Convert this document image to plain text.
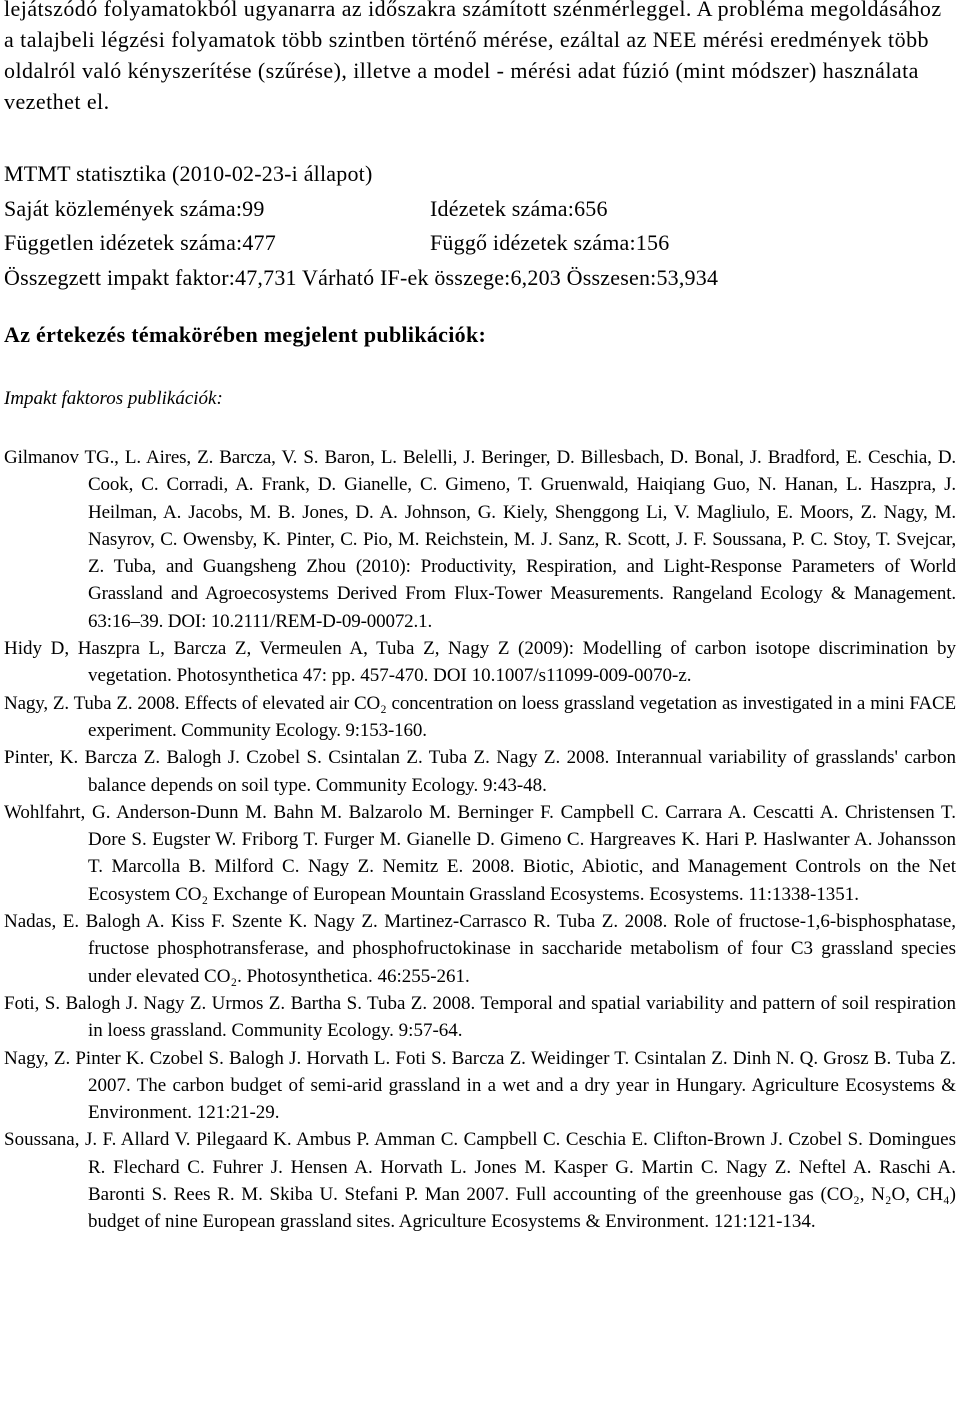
lejátszódó folyamatokból ugyanarra az időszakra számított szénmérleggel. A probléma megoldásához a talajbeli légzési folyamatok több szintben történő mérése, ezáltal az NEE mérési eredmények több oldalról való kényszerítése (szűrése), illetve a model - mérési adat fúzió (mint módszer) használata vezethet el.

MTMT statisztika (2010-02-23-i állapot)
Saját közlemények száma:99	Idézetek száma:656
Független idézetek száma:477	Függő idézetek száma:156
Összegzett impakt faktor:47,731 Várható IF-ek összege:6,203 Összesen:53,934
Az értekezés témakörében megjelent publikációk:
Impakt faktoros publikációk:

Gilmanov TG., L. Aires, Z. Barcza, V. S. Baron, L. Belelli, J. Beringer, D. Billesbach, D. Bonal, J. Bradford, E. Ceschia, D. Cook, C. Corradi, A. Frank, D. Gianelle, C. Gimeno, T. Gruenwald, Haiqiang Guo, N. Hanan, L. Haszpra, J. Heilman, A. Jacobs, M. B. Jones, D. A. Johnson, G. Kiely, Shenggong Li, V. Magliulo, E. Moors, Z. Nagy, M. Nasyrov, C. Owensby, K. Pinter, C. Pio, M. Reichstein, M. J. Sanz, R. Scott, J. F. Soussana, P. C. Stoy, T. Svejcar, Z. Tuba, and Guangsheng Zhou (2010): Productivity, Respiration, and Light-Response Parameters of World Grassland and Agroecosystems Derived From Flux-Tower Measurements. Rangeland Ecology & Management. 63:16–39. DOI: 10.2111/REM-D-09-00072.1.

Hidy D, Haszpra L, Barcza Z, Vermeulen A, Tuba Z, Nagy Z (2009): Modelling of carbon isotope discrimination by vegetation. Photosynthetica 47: pp. 457-470. DOI 10.1007/s11099-009-0070-z.

Nagy, Z. Tuba Z. 2008. Effects of elevated air CO₂ concentration on loess grassland vegetation as investigated in a mini FACE experiment. Community Ecology. 9:153-160.

Pinter, K. Barcza Z. Balogh J. Czobel S. Csintalan Z. Tuba Z. Nagy Z. 2008. Interannual variability of grasslands' carbon balance depends on soil type. Community Ecology. 9:43-48.

Wohlfahrt, G. Anderson-Dunn M. Bahn M. Balzarolo M. Berninger F. Campbell C. Carrara A. Cescatti A. Christensen T. Dore S. Eugster W. Friborg T. Furger M. Gianelle D. Gimeno C. Hargreaves K. Hari P. Haslwanter A. Johansson T. Marcolla B. Milford C. Nagy Z. Nemitz E. 2008. Biotic, Abiotic, and Management Controls on the Net Ecosystem CO₂ Exchange of European Mountain Grassland Ecosystems. Ecosystems. 11:1338-1351.

Nadas, E. Balogh A. Kiss F. Szente K. Nagy Z. Martinez-Carrasco R. Tuba Z. 2008. Role of fructose-1,6-bisphosphatase, fructose phosphotransferase, and phosphofructokinase in saccharide metabolism of four C3 grassland species under elevated CO₂. Photosynthetica. 46:255-261.

Foti, S. Balogh J. Nagy Z. Urmos Z. Bartha S. Tuba Z. 2008. Temporal and spatial variability and pattern of soil respiration in loess grassland. Community Ecology. 9:57-64.

Nagy, Z. Pinter K. Czobel S. Balogh J. Horvath L. Foti S. Barcza Z. Weidinger T. Csintalan Z. Dinh N. Q. Grosz B. Tuba Z. 2007. The carbon budget of semi-arid grassland in a wet and a dry year in Hungary. Agriculture Ecosystems & Environment. 121:21-29.

Soussana, J. F. Allard V. Pilegaard K. Ambus P. Amman C. Campbell C. Ceschia E. Clifton-Brown J. Czobel S. Domingues R. Flechard C. Fuhrer J. Hensen A. Horvath L. Jones M. Kasper G. Martin C. Nagy Z. Neftel A. Raschi A. Baronti S. Rees R. M. Skiba U. Stefani P. Man 2007. Full accounting of the greenhouse gas (CO₂, N₂O, CH₄) budget of nine European grassland sites. Agriculture Ecosystems & Environment. 121:121-134.
